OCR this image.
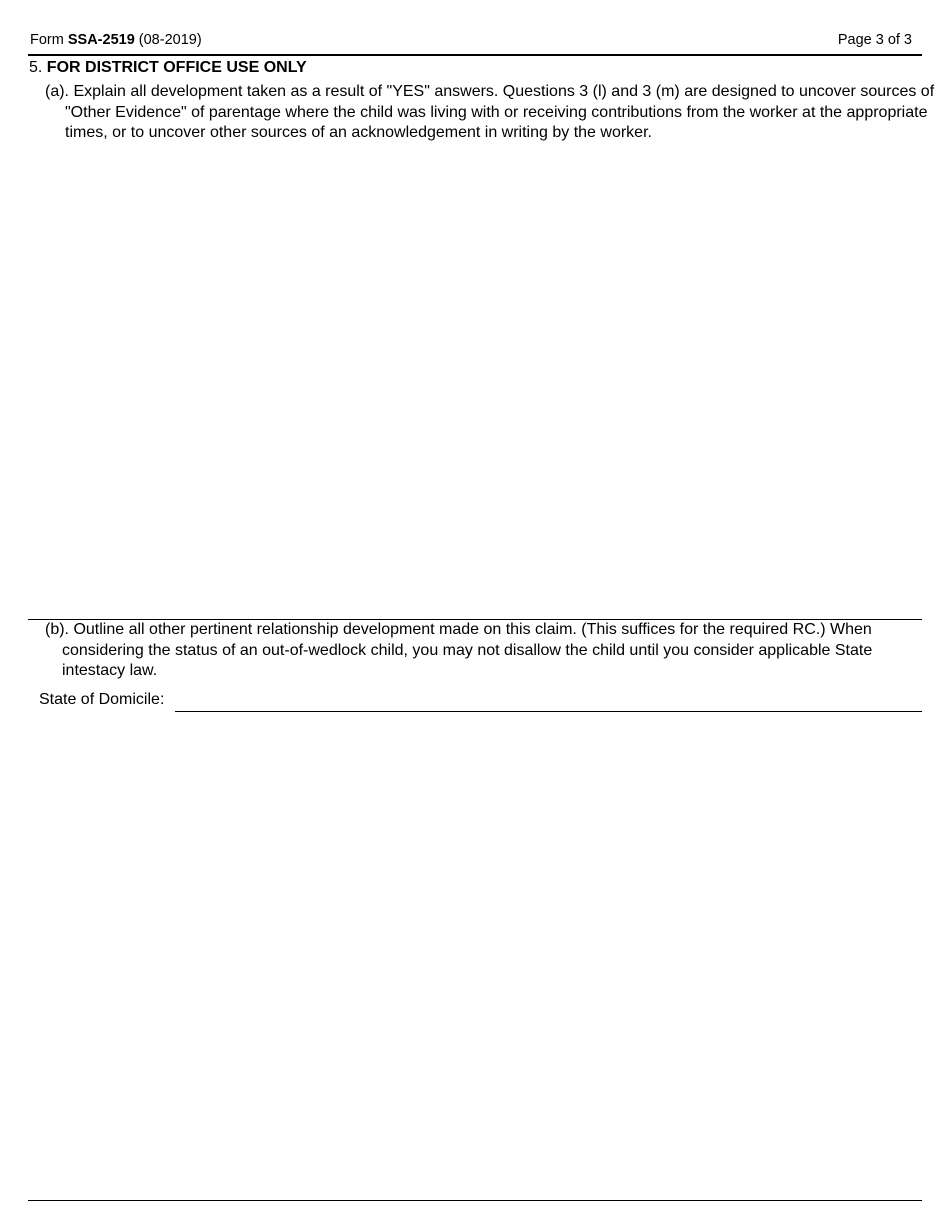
Form SSA-2519 (08-2019)	Page 3 of 3
5. FOR DISTRICT OFFICE USE ONLY
(a). Explain all development taken as a result of "YES" answers. Questions 3 (l) and 3 (m) are designed to uncover sources of "Other Evidence" of parentage where the child was living with or receiving contributions from the worker at the appropriate times, or to uncover other sources of an acknowledgement in writing by the worker.
(b). Outline all other pertinent relationship development made on this claim. (This suffices for the required RC.) When considering the status of an out-of-wedlock child, you may not disallow the child until you consider applicable State intestacy law.
State of Domicile:
